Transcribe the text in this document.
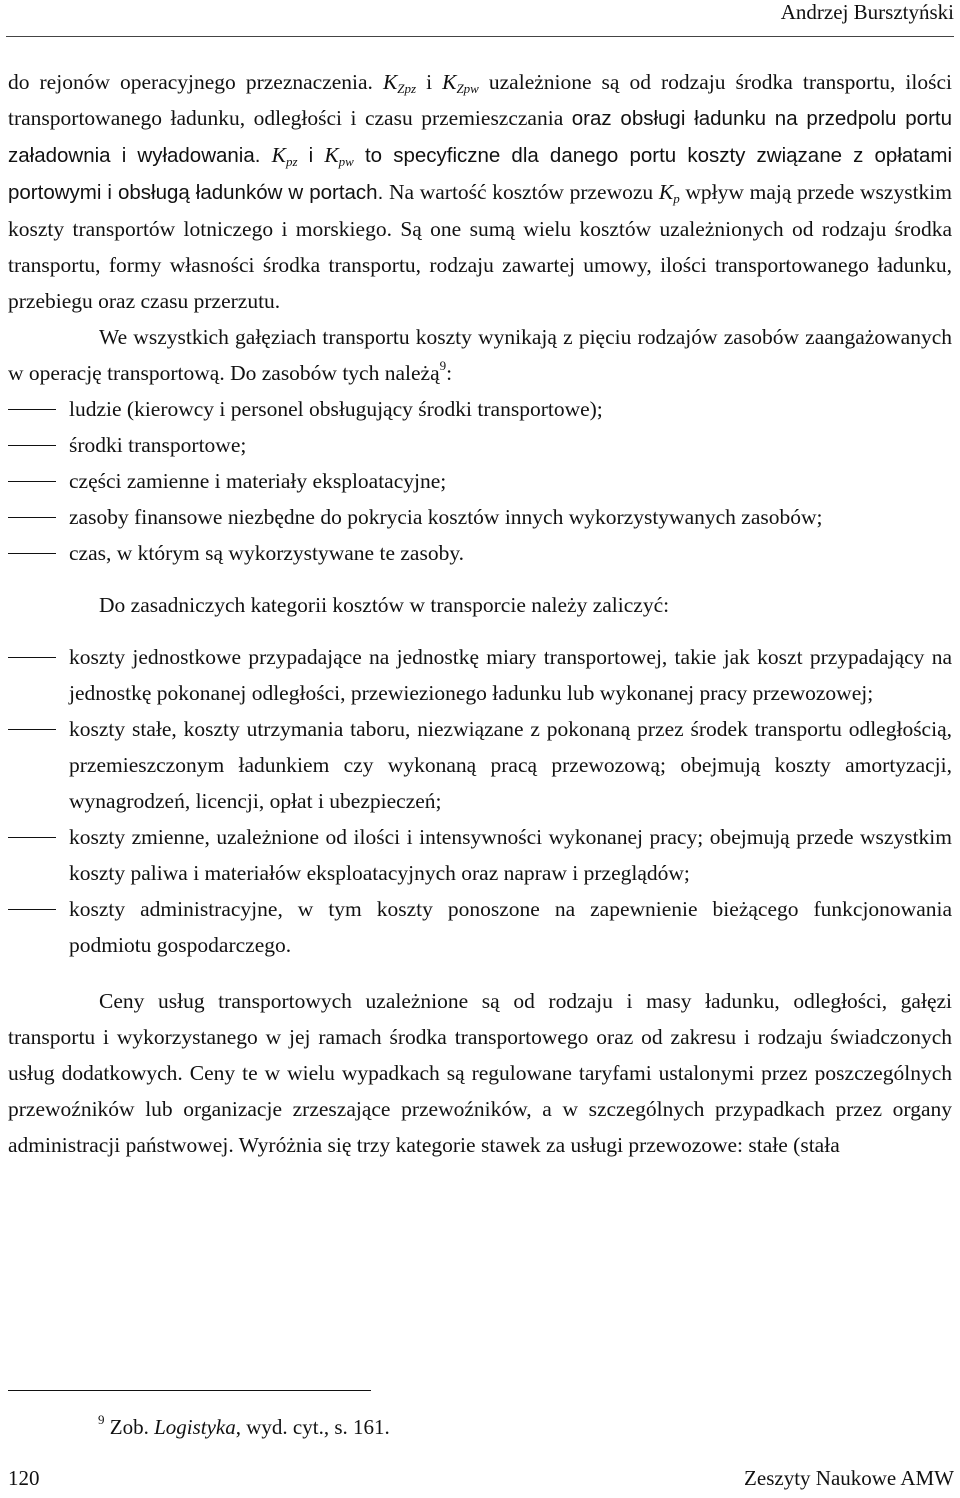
Andrzej Bursztyński

do rejonów operacyjnego przeznaczenia. $K_{Zpz}$ i $K_{Zpw}$ uzależnione są od rodzaju środka transportu, ilości transportowanego ładunku, odległości i czasu przemieszczania oraz obsługi ładunku na przedpolu portu załadownia i wyładowania. $K_{pz}$ i $K_{pw}$ to specyficzne dla danego portu koszty związane z opłatami portowymi i obsługą ładunków w portach. Na wartość kosztów przewozu $K_p$ wpływ mają przede wszystkim koszty transportów lotniczego i morskiego. Są one sumą wielu kosztów uzależnionych od rodzaju środka transportu, formy własności środka transportu, rodzaju zawartej umowy, ilości transportowanego ładunku, przebiegu oraz czasu przerzutu.

We wszystkich gałęziach transportu koszty wynikają z pięciu rodzajów zasobów zaangażowanych w operację transportową. Do zasobów tych należą$^9$:

ludzie (kierowcy i personel obsługujący środki transportowe);
środki transportowe;
części zamienne i materiały eksploatacyjne;
zasoby finansowe niezbędne do pokrycia kosztów innych wykorzystywanych zasobów;
czas, w którym są wykorzystywane te zasoby.

Do zasadniczych kategorii kosztów w transporcie należy zaliczyć:

koszty jednostkowe przypadające na jednostkę miary transportowej, takie jak koszt przypadający na jednostkę pokonanej odległości, przewiezionego ładunku lub wykonanej pracy przewozowej;
koszty stałe, koszty utrzymania taboru, niezwiązane z pokonaną przez środek transportu odległością, przemieszczonym ładunkiem czy wykonaną pracą przewozową; obejmują koszty amortyzacji, wynagrodzeń, licencji, opłat i ubezpieczeń;
koszty zmienne, uzależnione od ilości i intensywności wykonanej pracy; obejmują przede wszystkim koszty paliwa i materiałów eksploatacyjnych oraz napraw i przeglądów;
koszty administracyjne, w tym koszty ponoszone na zapewnienie bieżącego funkcjonowania podmiotu gospodarczego.

Ceny usług transportowych uzależnione są od rodzaju i masy ładunku, odległości, gałęzi transportu i wykorzystanego w jej ramach środka transportowego oraz od zakresu i rodzaju świadczonych usług dodatkowych. Ceny te w wielu wypadkach są regulowane taryfami ustalonymi przez poszczególnych przewoźników lub organizacje zrzeszające przewoźników, a w szczególnych przypadkach przez organy administracji państwowej. Wyróżnia się trzy kategorie stawek za usługi przewozowe: stałe (stała

$^9$ Zob. Logistyka, wyd. cyt., s. 161.
120	Zeszyty Naukowe AMW
